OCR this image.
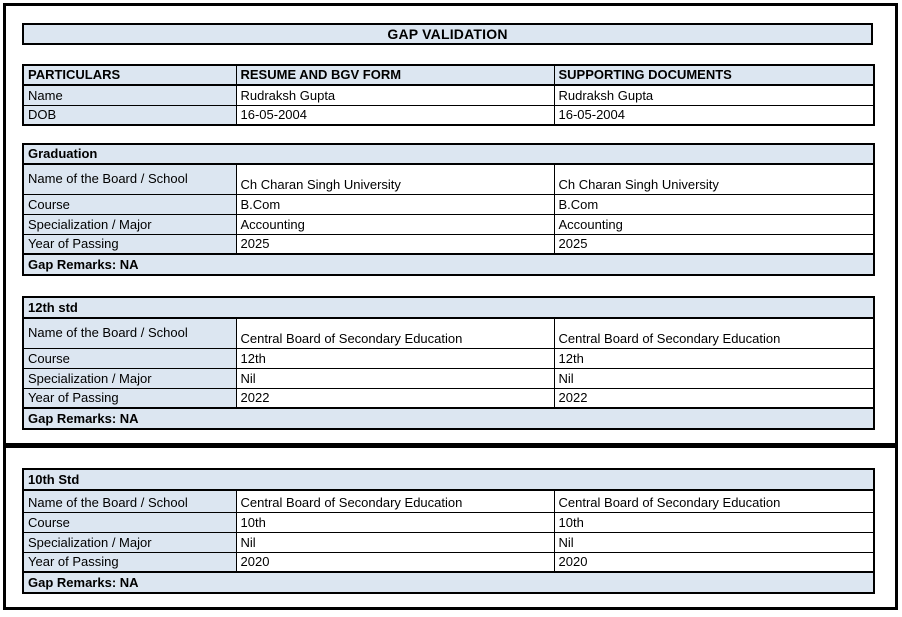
GAP VALIDATION
PARTICULARS	RESUME AND BGV FORM	SUPPORTING DOCUMENTS
Name	Rudraksh Gupta	Rudraksh Gupta
DOB	16-05-2004	16-05-2004
Graduation		
Name of the Board / School	Ch Charan Singh University	Ch Charan Singh University
Course	B.Com	B.Com
Specialization / Major	Accounting	Accounting
Year of Passing	2025	2025
Gap Remarks: NA		
12th std		
Name of the Board / School	Central Board of Secondary Education	Central Board of Secondary Education
Course	12th	12th
Specialization / Major	Nil	Nil
Year of Passing	2022	2022
Gap Remarks: NA		
10th Std		
Name of the Board / School	Central Board of Secondary Education	Central Board of Secondary Education
Course	10th	10th
Specialization / Major	Nil	Nil
Year of Passing	2020	2020
Gap Remarks: NA		
